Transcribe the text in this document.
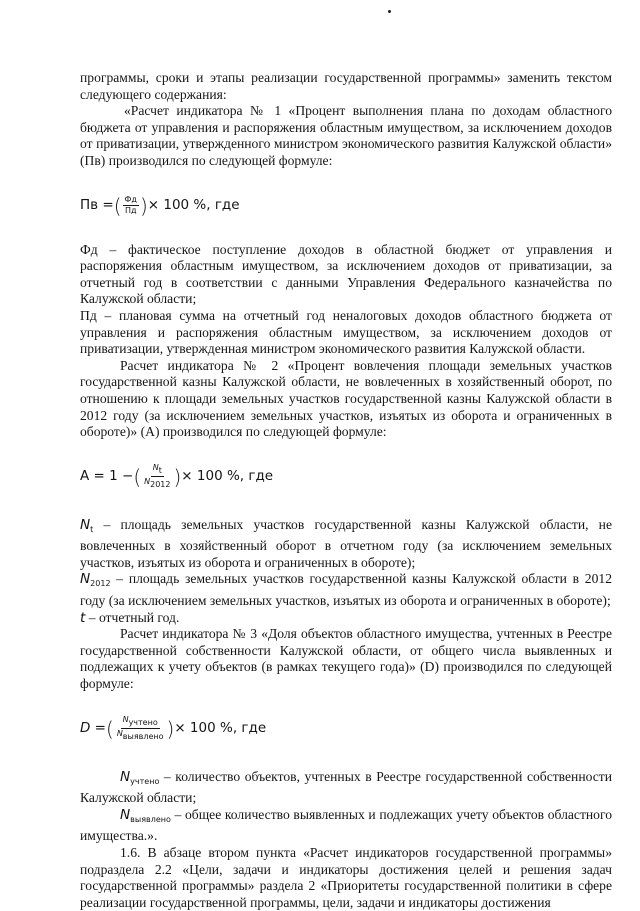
программы, сроки и этапы реализации государственной программы» заменить текстом следующего содержания:

«Расчет индикатора № 1 «Процент выполнения плана по доходам областного бюджета от управления и распоряжения областным имуществом, за исключением доходов от приватизации, утвержденного министром экономического развития Калужской области» (Пв) производился по следующей формуле:

Пв = ( $\frac{Фд}{Пд}$ ) × 100 %, где

Фд – фактическое поступление доходов в областной бюджет от управления и распоряжения областным имуществом, за исключением доходов от приватизации, за отчетный год в соответствии с данными Управления Федерального казначейства по Калужской области;

Пд – плановая сумма на отчетный год неналоговых доходов областного бюджета от управления и распоряжения областным имуществом, за исключением доходов от приватизации, утвержденная министром экономического развития Калужской области.

Расчет индикатора № 2 «Процент вовлечения площади земельных участков государственной казны Калужской области, не вовлеченных в хозяйственный оборот, по отношению к площади земельных участков государственной казны Калужской области в 2012 году (за исключением земельных участков, изъятых из оборота и ограниченных в обороте)» (А) производился по следующей формуле:

A = 1 − ( $\frac{Nt}{N2012}$ ) × 100 %, где

$N_t$ – площадь земельных участков государственной казны Калужской области, не вовлеченных в хозяйственный оборот в отчетном году (за исключением земельных участков, изъятых из оборота и ограниченных в обороте);

$N_{2012}$ – площадь земельных участков государственной казны Калужской области в 2012 году (за исключением земельных участков, изъятых из оборота и ограниченных в обороте);

t – отчетный год.

Расчет индикатора № 3 «Доля объектов областного имущества, учтенных в Реестре государственной собственности Калужской области, от общего числа выявленных и подлежащих к учету объектов (в рамках текущего года)» (D) производился по следующей формуле:

D = ( $\frac{\text{Nучтено}}{\text{Nвыявлено}}$ ) × 100 %, где

$N_{учтено}$ – количество объектов, учтенных в Реестре государственной собственности Калужской области;

$N_{выявлено}$ – общее количество выявленных и подлежащих учету объектов областного имущества.».

1.6. В абзаце втором пункта «Расчет индикаторов государственной программы» подраздела 2.2 «Цели, задачи и индикаторы достижения целей и решения задач государственной программы» раздела 2 «Приоритеты государственной политики в сфере реализации государственной программы, цели, задачи и индикаторы достижения
